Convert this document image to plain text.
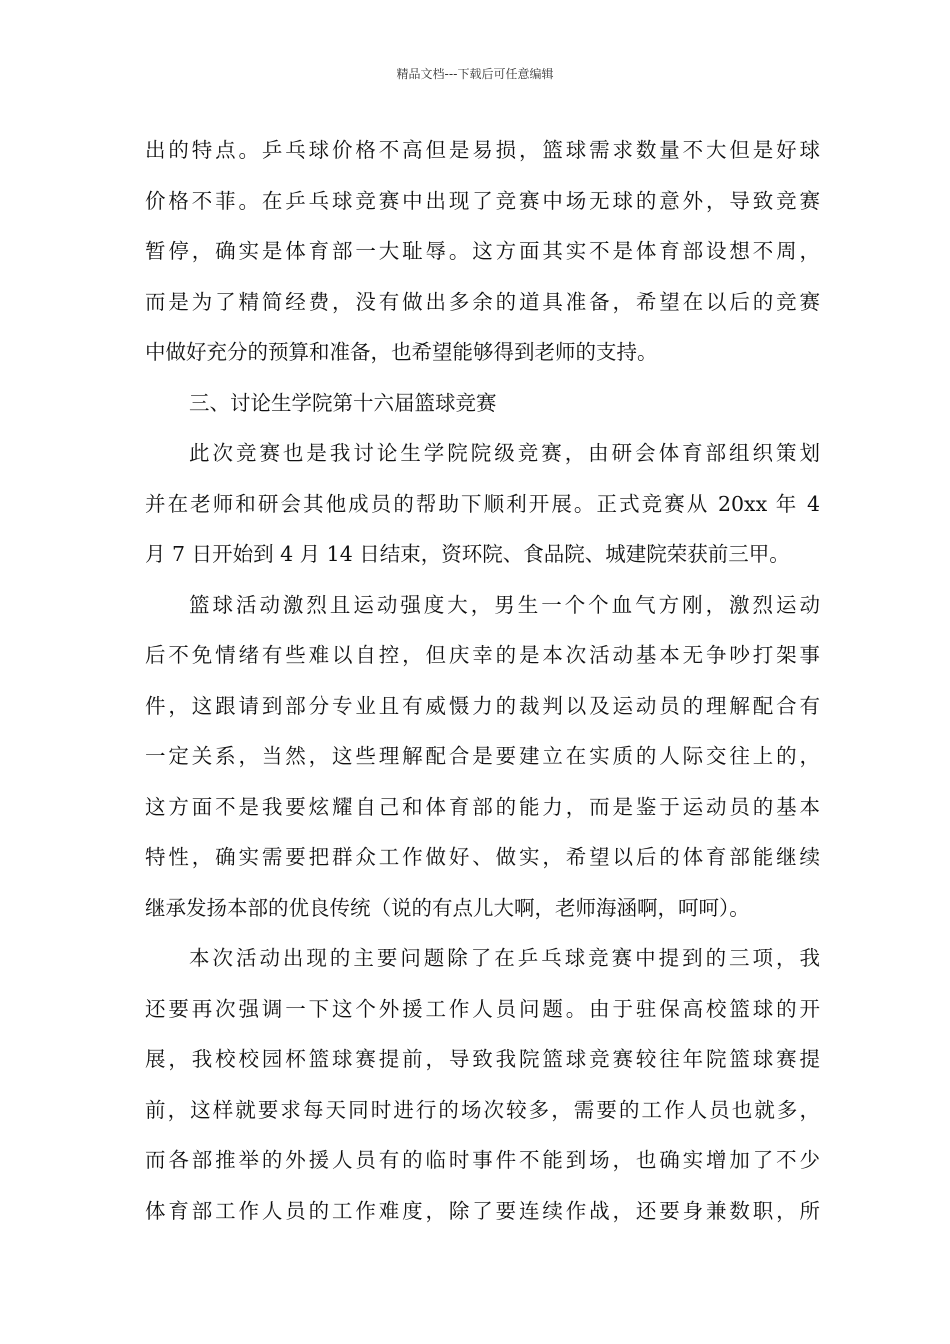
精品文档---下载后可任意编辑
出的特点。乒乓球价格不高但是易损，篮球需求数量不大但是好球
价格不菲。在乒乓球竞赛中出现了竞赛中场无球的意外，导致竞赛
暂停，确实是体育部一大耻辱。这方面其实不是体育部设想不周，
而是为了精简经费，没有做出多余的道具准备，希望在以后的竞赛
中做好充分的预算和准备，也希望能够得到老师的支持。
三、讨论生学院第十六届篮球竞赛
此次竞赛也是我讨论生学院院级竞赛，由研会体育部组织策划
并在老师和研会其他成员的帮助下顺利开展。正式竞赛从 20xx 年 4
月 7 日开始到 4 月 14 日结束，资环院、食品院、城建院荣获前三甲。
篮球活动激烈且运动强度大，男生一个个血气方刚，激烈运动
后不免情绪有些难以自控，但庆幸的是本次活动基本无争吵打架事
件，这跟请到部分专业且有威慑力的裁判以及运动员的理解配合有
一定关系，当然，这些理解配合是要建立在实质的人际交往上的，
这方面不是我要炫耀自己和体育部的能力，而是鉴于运动员的基本
特性，确实需要把群众工作做好、做实，希望以后的体育部能继续
继承发扬本部的优良传统（说的有点儿大啊，老师海涵啊，呵呵）。
本次活动出现的主要问题除了在乒乓球竞赛中提到的三项，我
还要再次强调一下这个外援工作人员问题。由于驻保高校篮球的开
展，我校校园杯篮球赛提前，导致我院篮球竞赛较往年院篮球赛提
前，这样就要求每天同时进行的场次较多，需要的工作人员也就多，
而各部推举的外援人员有的临时事件不能到场，也确实增加了不少
体育部工作人员的工作难度，除了要连续作战，还要身兼数职，所
